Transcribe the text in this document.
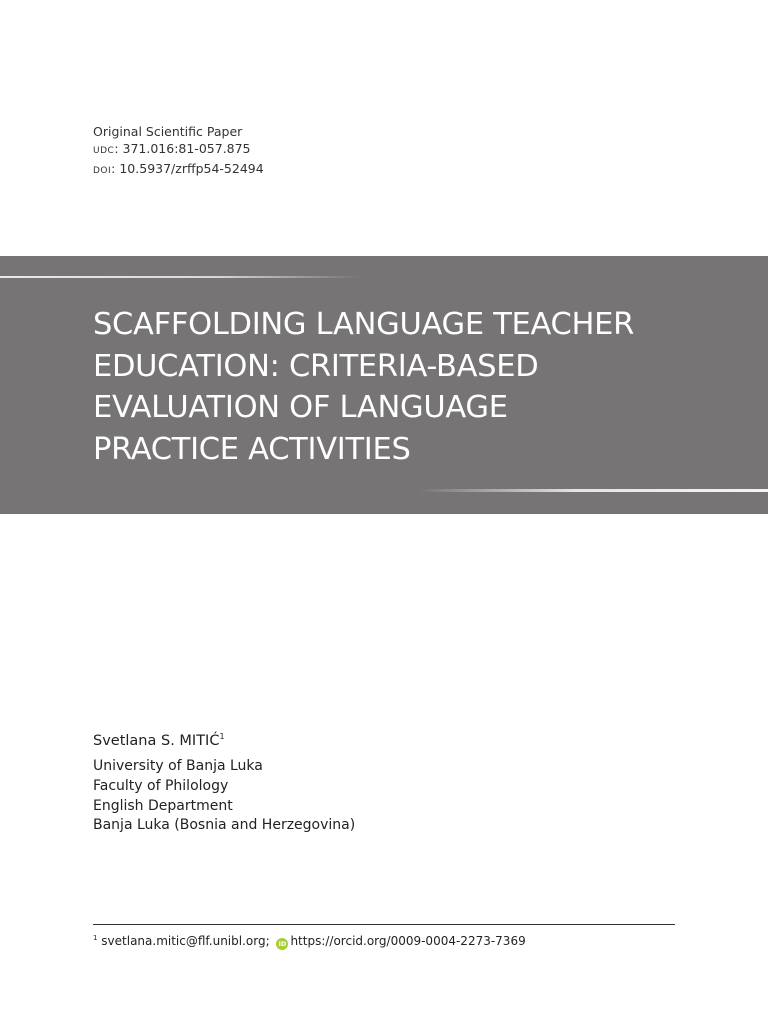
Original Scientific Paper
UDC: 371.016:81-057.875
DOI: 10.5937/zrffp54-52494
SCAFFOLDING LANGUAGE TEACHER
EDUCATION: CRITERIA-BASED
EVALUATION OF LANGUAGE
PRACTICE ACTIVITIES
Svetlana S. MITIĆ$^1$
University of Banja Luka
Faculty of Philology
English Department
Banja Luka (Bosnia and Herzegovina)
$^1$ svetlana.mitic@flf.unibl.org; iD https://orcid.org/0009-0004-2273-7369
